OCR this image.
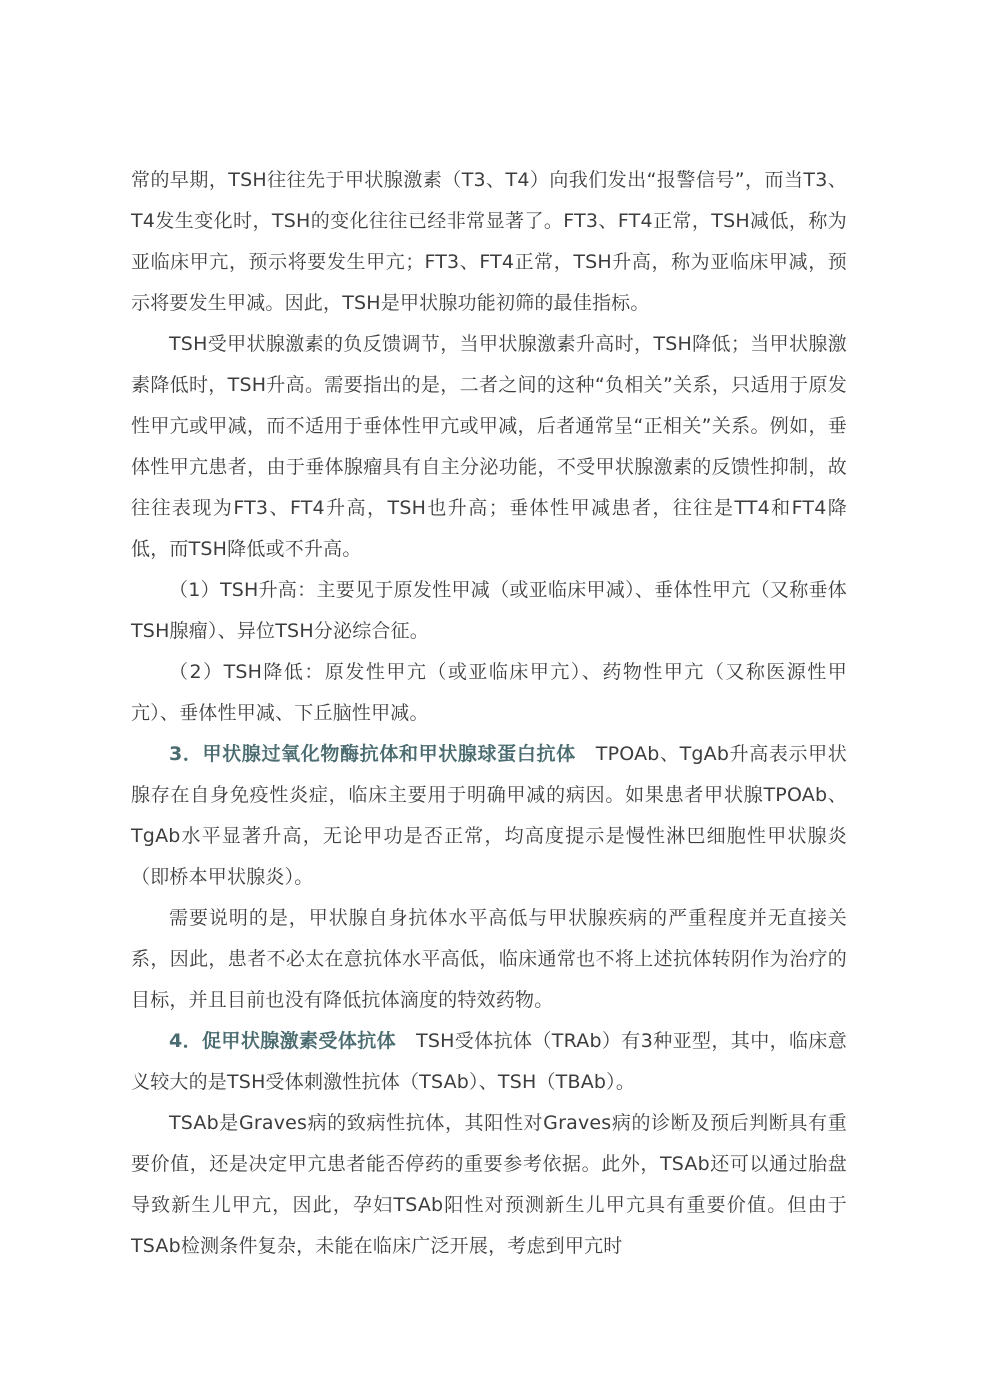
常的早期，TSH往往先于甲状腺激素（T3、T4）向我们发出“报警信号”，而当T3、T4发生变化时，TSH的变化往往已经非常显著了。FT3、FT4正常，TSH减低，称为亚临床甲亢，预示将要发生甲亢；FT3、FT4正常，TSH升高，称为亚临床甲减，预示将要发生甲减。因此，TSH是甲状腺功能初筛的最佳指标。

TSH受甲状腺激素的负反馈调节，当甲状腺激素升高时，TSH降低；当甲状腺激素降低时，TSH升高。需要指出的是，二者之间的这种“负相关”关系，只适用于原发性甲亢或甲减，而不适用于垂体性甲亢或甲减，后者通常呈“正相关”关系。例如，垂体性甲亢患者，由于垂体腺瘤具有自主分泌功能，不受甲状腺激素的反馈性抑制，故往往表现为FT3、FT4升高，TSH也升高；垂体性甲减患者，往往是TT4和FT4降低，而TSH降低或不升高。

（1）TSH升高：主要见于原发性甲减（或亚临床甲减）、垂体性甲亢（又称垂体TSH腺瘤）、异位TSH分泌综合征。

（2）TSH降低：原发性甲亢（或亚临床甲亢）、药物性甲亢（又称医源性甲亢）、垂体性甲减、下丘脑性甲减。

3．甲状腺过氧化物酶抗体和甲状腺球蛋白抗体 TPOAb、TgAb升高表示甲状腺存在自身免疫性炎症，临床主要用于明确甲减的病因。如果患者甲状腺TPOAb、TgAb水平显著升高，无论甲功是否正常，均高度提示是慢性淋巴细胞性甲状腺炎（即桥本甲状腺炎）。

需要说明的是，甲状腺自身抗体水平高低与甲状腺疾病的严重程度并无直接关系，因此，患者不必太在意抗体水平高低，临床通常也不将上述抗体转阴作为治疗的目标，并且目前也没有降低抗体滴度的特效药物。

4．促甲状腺激素受体抗体 TSH受体抗体（TRAb）有3种亚型，其中，临床意义较大的是TSH受体刺激性抗体（TSAb）、TSH（TBAb）。

TSAb是Graves病的致病性抗体，其阳性对Graves病的诊断及预后判断具有重要价值，还是决定甲亢患者能否停药的重要参考依据。此外，TSAb还可以通过胎盘导致新生儿甲亢，因此，孕妇TSAb阳性对预测新生儿甲亢具有重要价值。但由于TSAb检测条件复杂，未能在临床广泛开展，考虑到甲亢时
